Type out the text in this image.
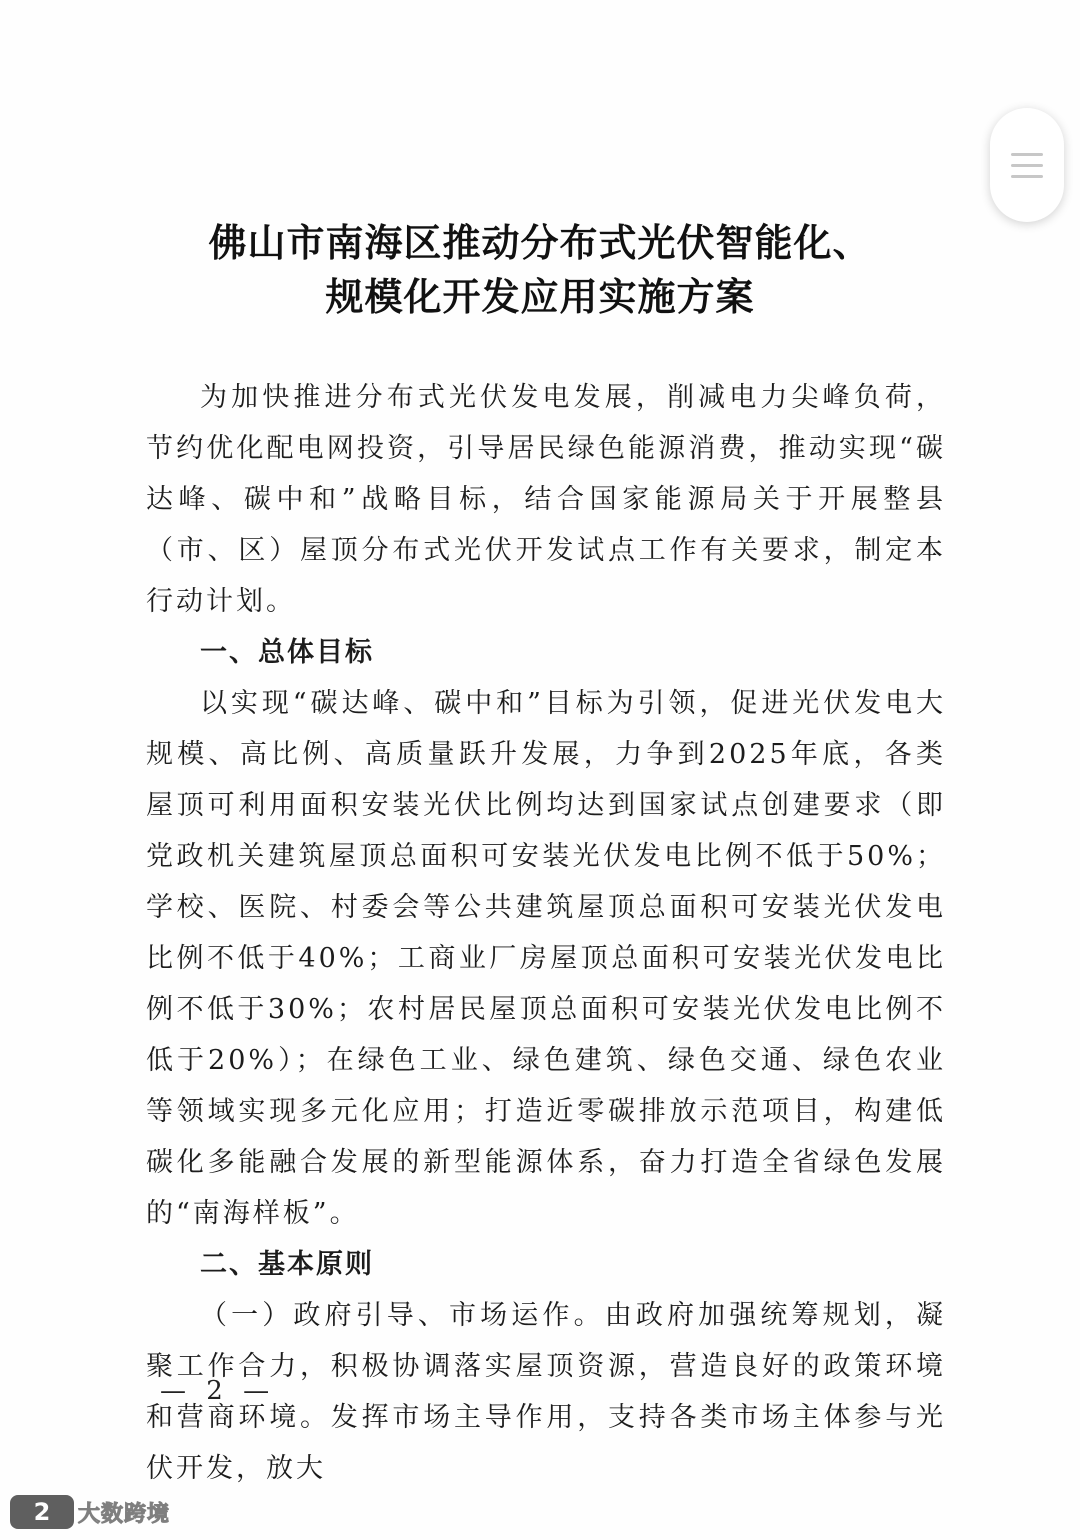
佛山市南海区推动分布式光伏智能化、
规模化开发应用实施方案

为加快推进分布式光伏发电发展，削减电力尖峰负荷，节约优化配电网投资，引导居民绿色能源消费，推动实现“碳达峰、碳中和”战略目标，结合国家能源局关于开展整县（市、区）屋顶分布式光伏开发试点工作有关要求，制定本行动计划。

一、总体目标

以实现“碳达峰、碳中和”目标为引领，促进光伏发电大规模、高比例、高质量跃升发展，力争到2025年底，各类屋顶可利用面积安装光伏比例均达到国家试点创建要求（即党政机关建筑屋顶总面积可安装光伏发电比例不低于50%；学校、医院、村委会等公共建筑屋顶总面积可安装光伏发电比例不低于40%；工商业厂房屋顶总面积可安装光伏发电比例不低于30%；农村居民屋顶总面积可安装光伏发电比例不低于20%）；在绿色工业、绿色建筑、绿色交通、绿色农业等领域实现多元化应用；打造近零碳排放示范项目，构建低碳化多能融合发展的新型能源体系，奋力打造全省绿色发展的“南海样板”。

二、基本原则

（一）政府引导、市场运作。由政府加强统筹规划，凝聚工作合力，积极协调落实屋顶资源，营造良好的政策环境和营商环境。发挥市场主导作用，支持各类市场主体参与光伏开发，放大

— 2 —
2	大数跨境
